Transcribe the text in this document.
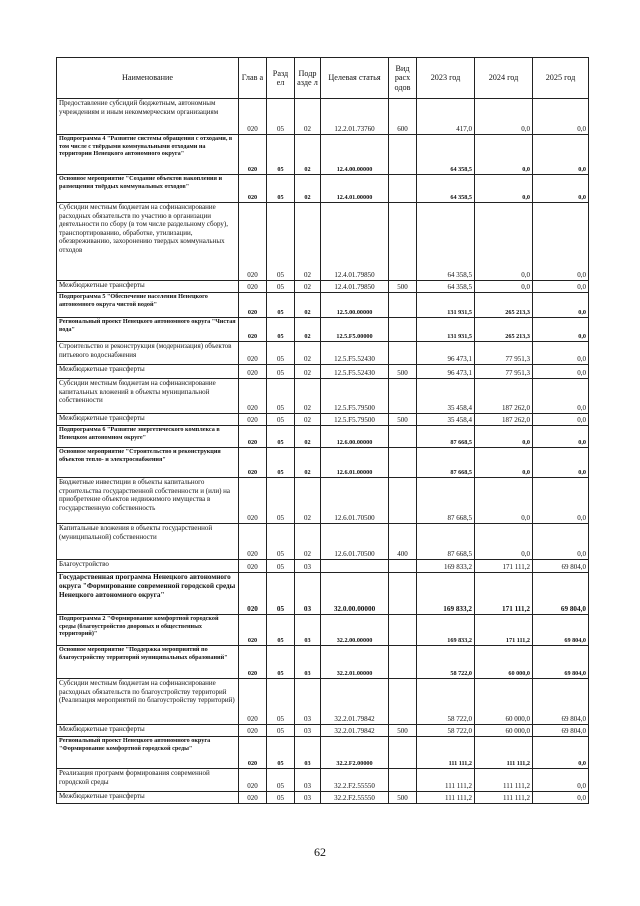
Наименование	Глав а	Разд ел	Подр азде л	Целевая статья	Вид расх одов	2023 год	2024 год	2025 год
Предоставление субсидий бюджетным, автономным учреждениям и иным некоммерческим организациям	020	05	02	12.2.01.73760	600	417,0	0,0	0,0
Подпрограмма 4 "Развитие системы обращения с отходами, в том числе с твёрдыми коммунальными отходами на территории Ненецкого автономного округа"	020	05	02	12.4.00.00000		64 358,5	0,0	0,0
Основное мероприятие "Создание объектов накопления и размещения твёрдых коммунальных отходов"	020	05	02	12.4.01.00000		64 358,5	0,0	0,0
Субсидии местным бюджетам на софинансирование расходных обязательств по участию в организации деятельности по сбору (в том числе раздельному сбору), транспортированию, обработке, утилизации, обезвреживанию, захоронению твердых коммунальных отходов	020	05	02	12.4.01.79850		64 358,5	0,0	0,0
Межбюджетные трансферты	020	05	02	12.4.01.79850	500	64 358,5	0,0	0,0
Подпрограмма 5 "Обеспечение населения Ненецкого автономного округа чистой водой"	020	05	02	12.5.00.00000		131 931,5	265 213,3	0,0
Региональный проект Ненецкого автономного округа "Чистая вода"	020	05	02	12.5.F5.00000		131 931,5	265 213,3	0,0
Строительство и реконструкция (модернизация) объектов питьевого водоснабжения	020	05	02	12.5.F5.52430		96 473,1	77 951,3	0,0
Межбюджетные трансферты	020	05	02	12.5.F5.52430	500	96 473,1	77 951,3	0,0
Субсидии местным бюджетам на софинансирование капитальных вложений в объекты муниципальной собственности	020	05	02	12.5.F5.79500		35 458,4	187 262,0	0,0
Межбюджетные трансферты	020	05	02	12.5.F5.79500	500	35 458,4	187 262,0	0,0
Подпрограмма 6 "Развитие энергетического комплекса в Ненецком автономном округе"	020	05	02	12.6.00.00000		87 668,5	0,0	0,0
Основное мероприятие "Строительство и реконструкция объектов тепло- и электроснабжения"	020	05	02	12.6.01.00000		87 668,5	0,0	0,0
Бюджетные инвестиции в объекты капитального строительства государственной собственности и (или) на приобретение объектов недвижимого имущества в государственную собственность	020	05	02	12.6.01.70500		87 668,5	0,0	0,0
Капитальные вложения в объекты государственной (муниципальной) собственности	020	05	02	12.6.01.70500	400	87 668,5	0,0	0,0
Благоустройство	020	05	03			169 833,2	171 111,2	69 804,0
Государственная программа Ненецкого автономного округа "Формирование современной городской среды Ненецкого автономного округа"	020	05	03	32.0.00.00000		169 833,2	171 111,2	69 804,0
Подпрограмма 2 "Формирование комфортной городской среды (благоустройство дворовых и общественных территорий)"	020	05	03	32.2.00.00000		169 833,2	171 111,2	69 804,0
Основное мероприятие "Поддержка мероприятий по благоустройству территорий муниципальных образований"	020	05	03	32.2.01.00000		58 722,0	60 000,0	69 804,0
Субсидии местным бюджетам на софинансирование расходных обязательств по благоустройству территорий (Реализация мероприятий по благоустройству территорий)	020	05	03	32.2.01.79842		58 722,0	60 000,0	69 804,0
Межбюджетные трансферты	020	05	03	32.2.01.79842	500	58 722,0	60 000,0	69 804,0
Региональный проект Ненецкого автономного округа "Формирование комфортной городской среды"	020	05	03	32.2.F2.00000		111 111,2	111 111,2	0,0
Реализация программ формирования современной городской среды	020	05	03	32.2.F2.55550		111 111,2	111 111,2	0,0
Межбюджетные трансферты	020	05	03	32.2.F2.55550	500	111 111,2	111 111,2	0,0
62
